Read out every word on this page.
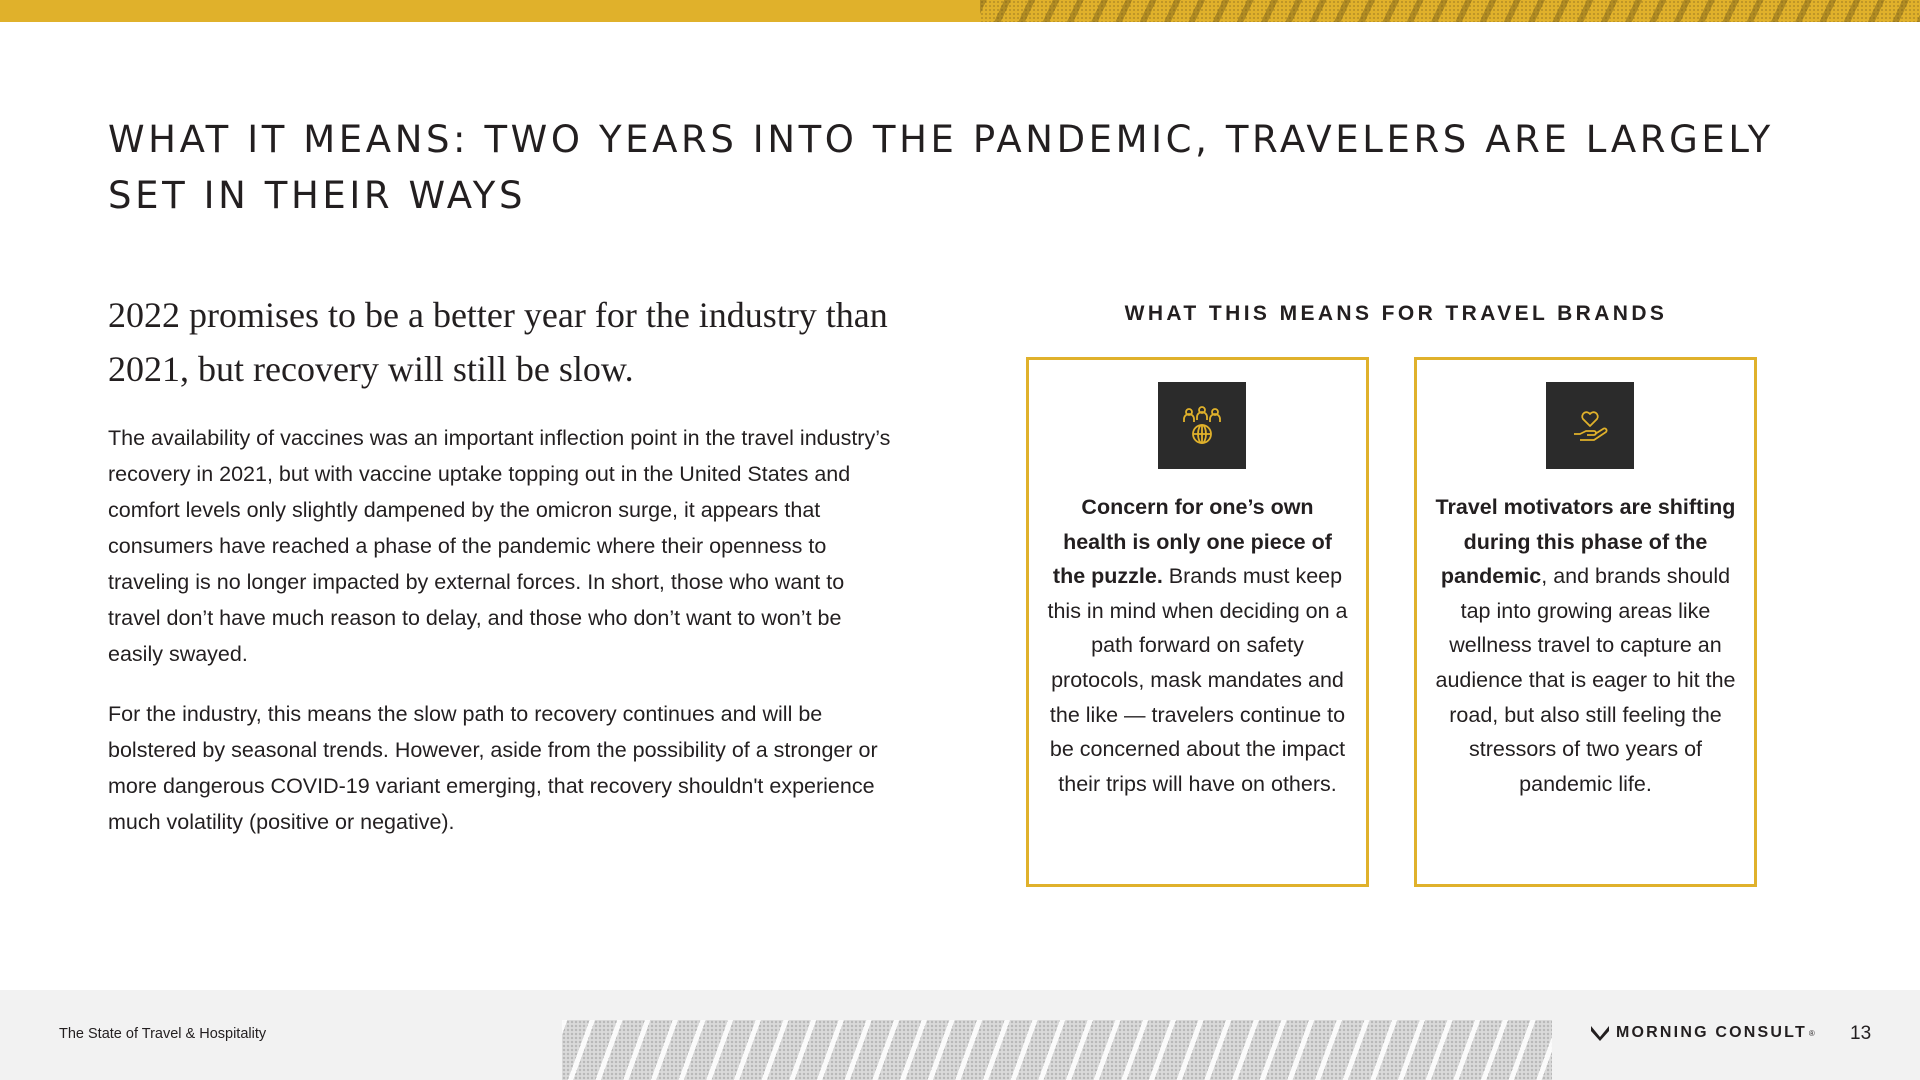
WHAT IT MEANS: TWO YEARS INTO THE PANDEMIC, TRAVELERS ARE LARGELY SET IN THEIR WAYS

2022 promises to be a better year for the industry than 2021, but recovery will still be slow.

The availability of vaccines was an important inflection point in the travel industry’s recovery in 2021, but with vaccine uptake topping out in the United States and comfort levels only slightly dampened by the omicron surge, it appears that consumers have reached a phase of the pandemic where their openness to traveling is no longer impacted by external forces. In short, those who want to travel don’t have much reason to delay, and those who don’t want to won’t be easily swayed.

For the industry, this means the slow path to recovery continues and will be bolstered by seasonal trends. However, aside from the possibility of a stronger or more dangerous COVID-19 variant emerging, that recovery shouldn't experience much volatility (positive or negative).

WHAT THIS MEANS FOR TRAVEL BRANDS

Concern for one’s own health is only one piece of the puzzle. Brands must keep this in mind when deciding on a path forward on safety protocols, mask mandates and the like — travelers continue to be concerned about the impact their trips will have on others.

Travel motivators are shifting during this phase of the pandemic, and brands should tap into growing areas like wellness travel to capture an audience that is eager to hit the road, but also still feeling the stressors of two years of pandemic life.

The State of Travel & Hospitality	MORNING CONSULT ® 13
